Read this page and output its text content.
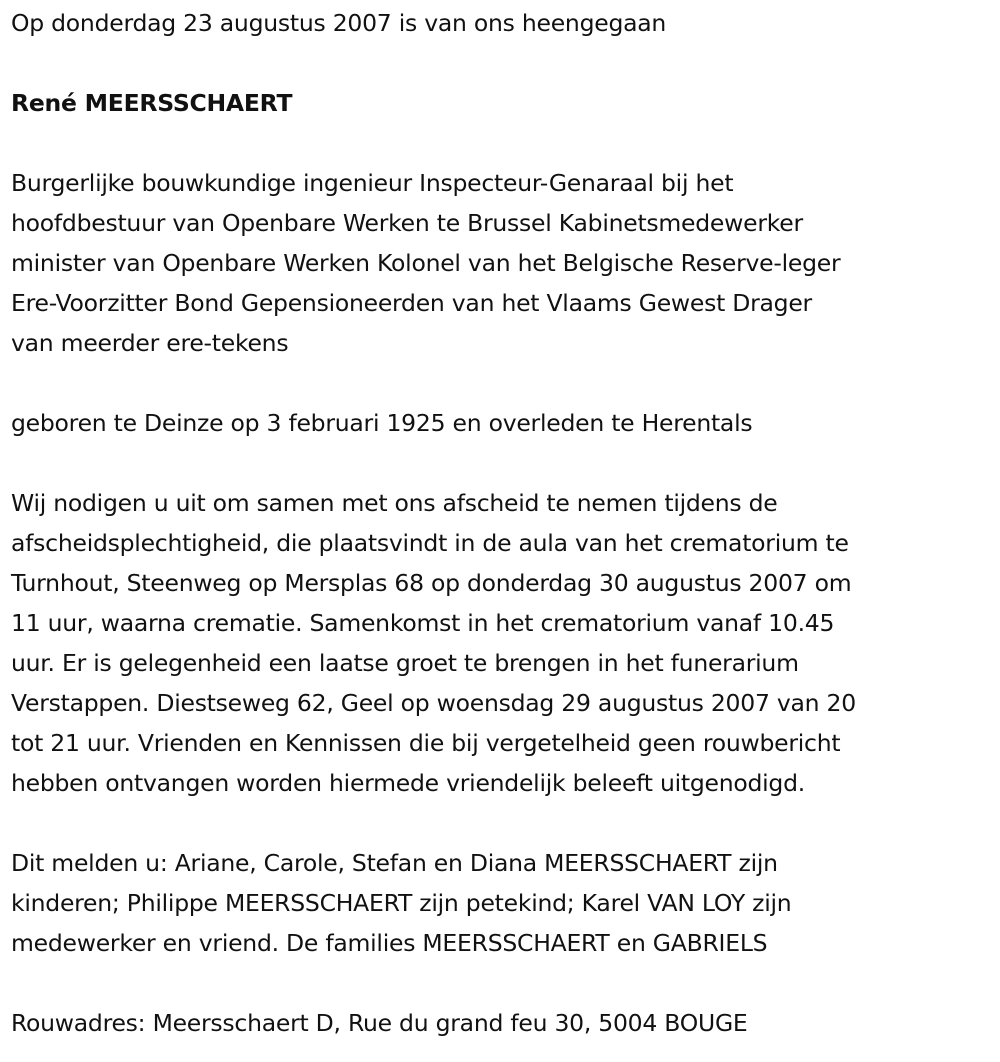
Op donderdag 23 augustus 2007 is van ons heengegaan

René MEERSSCHAERT

Burgerlijke bouwkundige ingenieur Inspecteur-Genaraal bij het
hoofdbestuur van Openbare Werken te Brussel Kabinetsmedewerker
minister van Openbare Werken Kolonel van het Belgische Reserve-leger
Ere-Voorzitter Bond Gepensioneerden van het Vlaams Gewest Drager
van meerder ere-tekens

geboren te Deinze op 3 februari 1925 en overleden te Herentals

Wij nodigen u uit om samen met ons afscheid te nemen tijdens de
afscheidsplechtigheid, die plaatsvindt in de aula van het crematorium te
Turnhout, Steenweg op Mersplas 68 op donderdag 30 augustus 2007 om
11 uur, waarna crematie. Samenkomst in het crematorium vanaf 10.45
uur. Er is gelegenheid een laatse groet te brengen in het funerarium
Verstappen. Diestseweg 62, Geel op woensdag 29 augustus 2007 van 20
tot 21 uur. Vrienden en Kennissen die bij vergetelheid geen rouwbericht
hebben ontvangen worden hiermede vriendelijk beleeft uitgenodigd.

Dit melden u: Ariane, Carole, Stefan en Diana MEERSSCHAERT zijn
kinderen; Philippe MEERSSCHAERT zijn petekind; Karel VAN LOY zijn
medewerker en vriend. De families MEERSSCHAERT en GABRIELS

Rouwadres: Meersschaert D, Rue du grand feu 30, 5004 BOUGE
